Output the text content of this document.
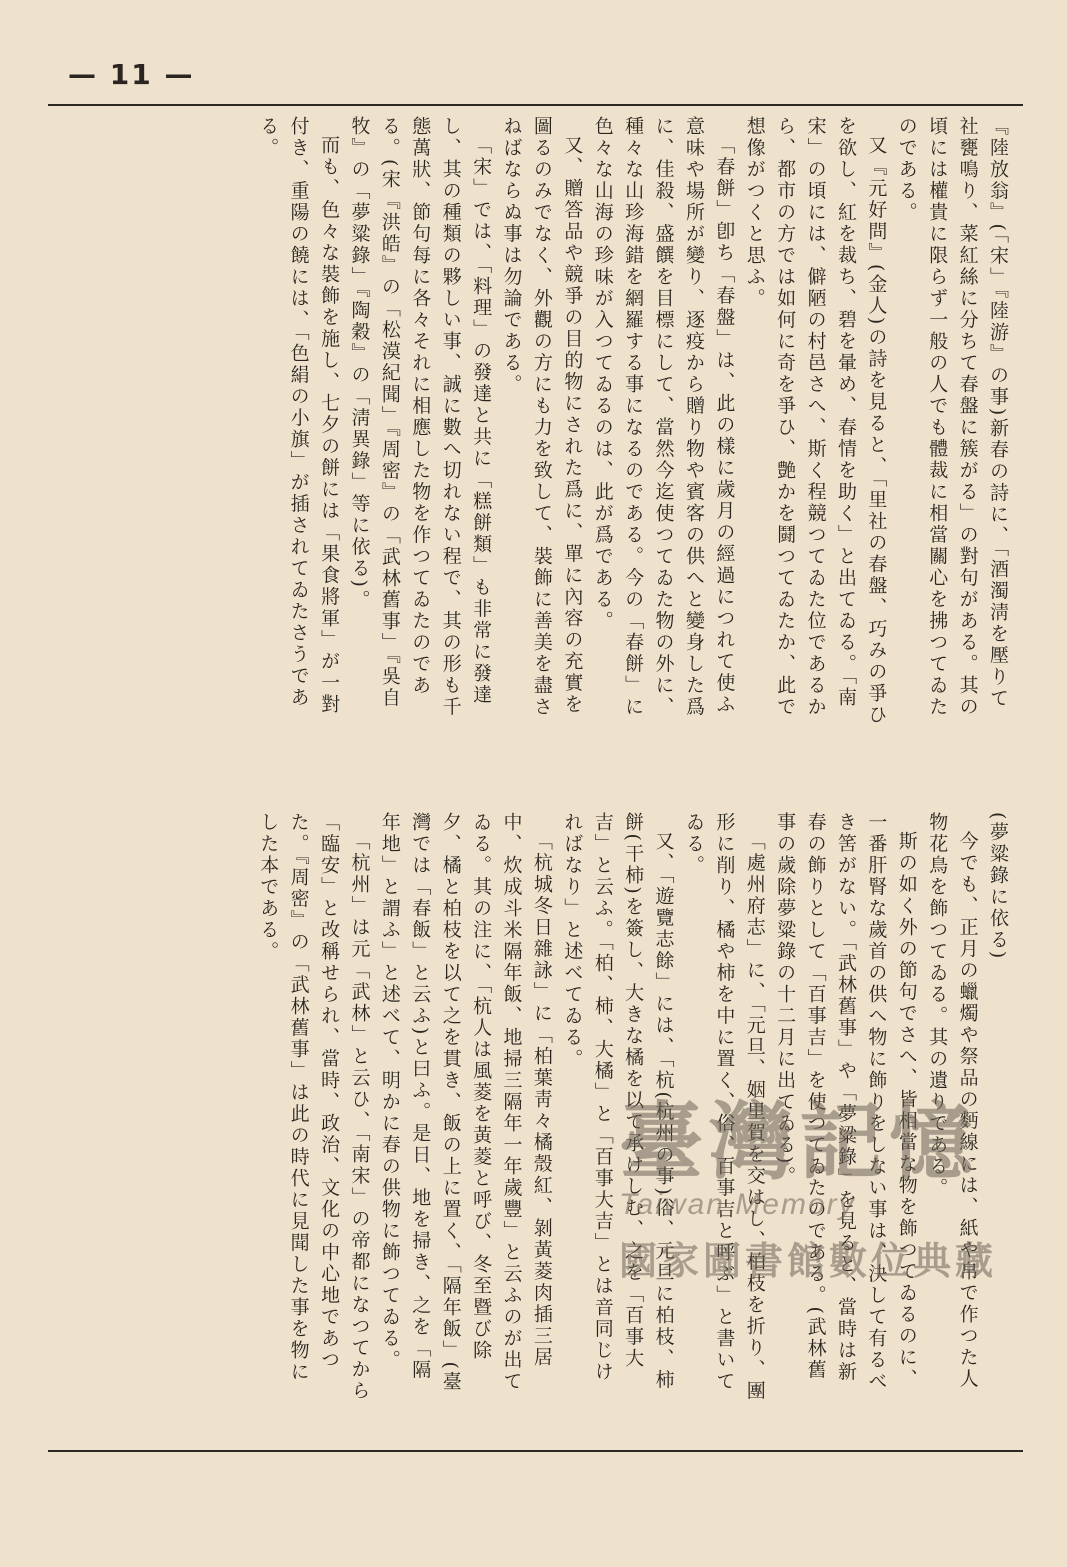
— 11 —

『陸放翁』(「宋」『陸游』の事)新春の詩に、「酒濁淸を壓りて社甕鳴り、菜紅絲に分ちて春盤に簇がる」の對句がある。其の頃には權貴に限らず一般の人でも體裁に相當關心を拂つてゐたのである。

又『元好問』(金人)の詩を見ると、「里社の春盤、巧みの爭ひを欲し、紅を裁ち、碧を暈め、春情を助く」と出てゐる。「南宋」の頃には、僻陋の村邑さへ、斯く程競つてゐた位であるから、都市の方では如何に奇を爭ひ、艶かを鬪つてゐたか、此で想像がつくと思ふ。

「春餅」卽ち「春盤」は、此の樣に歲月の經過につれて使ふ意味や場所が變り、逐疫から贈り物や賓客の供へと變身した爲に、佳殺、盛饌を目標にして、當然今迄使つてゐた物の外に、種々な山珍海錯を網羅する事になるのである。今の「春餅」に色々な山海の珍味が入つてゐるのは、此が爲である。

又、贈答品や競爭の目的物にされた爲に、單に內容の充實を圖るのみでなく、外觀の方にも力を致して、裝飾に善美を盡さねばならぬ事は勿論である。

「宋」では、「料理」の發達と共に「糕餅類」も非常に發達し、其の種類の夥しい事、誠に數へ切れない程で、其の形も千態萬狀、節句每に各々それに相應した物を作つてゐたのである。(宋『洪皓』の「松漠紀聞」『周密』の「武林舊事」『吳自牧』の「夢粱錄」『陶穀』の「淸異錄」等に依る)。

而も、色々な裝飾を施し、七夕の餅には「果食將軍」が一對付き、重陽の饒には、「色絹の小旗」が插されてゐたさうである。

(夢粱錄に依る)

今でも、正月の蠟燭や祭品の麪線には、紙や帛で作つた人物花鳥を飾つてゐる。其の遺りである。

斯の如く外の節句でさへ、皆相當な物を飾つてゐるのに、一番肝腎な歲首の供へ物に飾りをしない事は、決して有るべき筈がない。「武林舊事」や「夢粱錄」を見ると、當時は新春の飾りとして「百事吉」を使つてゐたのである。(武林舊事の歲除夢粱錄の十二月に出てゐる)。

「處州府志」に、「元旦、姻里賀を交はし、柏枝を折り、團形に削り、橘や柿を中に置く、俗、百事吉と呼ぶ」と書いてゐる。

又、「遊覽志餘」には、「杭(杭州の事)俗、元旦に柏枝、柿餅(干柿)を簽し、大きな橘を以て承けしむ、之を「百事大吉」と云ふ。「柏、柿、大橘」と「百事大吉」とは音同じければなり」と述べてゐる。

「杭城冬日雜詠」に「柏葉靑々橘殼紅、剝黃菱肉插三居中、炊成斗米隔年飯、地掃三隔年一年歲豐」と云ふのが出てゐる。其の注に、「杭人は風菱を黃菱と呼び、冬至暨び除夕、橘と柏枝を以て之を貫き、飯の上に置く、「隔年飯」(臺灣では「春飯」と云ふ)と曰ふ。是日、地を掃き、之を「隔年地」と謂ふ」と述べて、明かに春の供物に飾つてゐる。

「杭州」は元「武林」と云ひ、「南宋」の帝都になつてから「臨安」と改稱せられ、當時、政治、文化の中心地であつた。『周密』の「武林舊事」は此の時代に見聞した事を物にした本である。

臺灣記憶
Taiwan Memory
國家圖書館數位典藏
